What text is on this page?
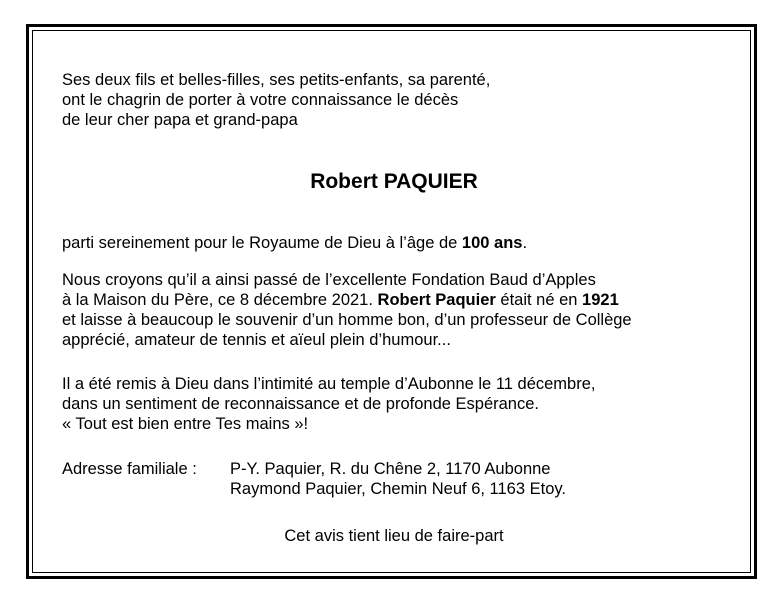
Ses deux fils et belles-filles, ses petits-enfants, sa parenté,
ont le chagrin de porter à votre connaissance le décès
de leur cher papa et grand-papa

Robert PAQUIER
parti sereinement pour le Royaume de Dieu à l’âge de 100 ans.
Nous croyons qu’il a ainsi passé de l’excellente Fondation Baud d’Apples
à la Maison du Père, ce 8 décembre 2021. Robert Paquier était né en 1921
et laisse à beaucoup le souvenir d’un homme bon, d’un professeur de Collège
apprécié, amateur de tennis et aïeul plein d’humour...
Il a été remis à Dieu dans l’intimité au temple d’Aubonne le 11 décembre,
dans un sentiment de reconnaissance et de profonde Espérance.
« Tout est bien entre Tes mains »!
Adresse familiale :	P-Y. Paquier, R. du Chêne 2, 1170 Aubonne
Raymond Paquier, Chemin Neuf 6, 1163 Etoy.
Cet avis tient lieu de faire-part
